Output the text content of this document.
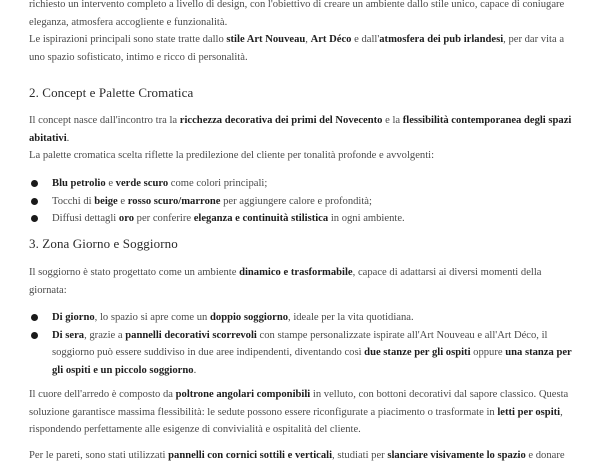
richiesto un intervento completo a livello di design, con l'obiettivo di creare un ambiente dallo stile unico, capace di coniugare
eleganza, atmosfera accogliente e funzionalità.
Le ispirazioni principali sono state tratte dallo stile Art Nouveau, Art Déco e dall'atmosfera dei pub irlandesi, per dar vita a uno spazio sofisticato, intimo e ricco di personalità.

2. Concept e Palette Cromatica

Il concept nasce dall'incontro tra la ricchezza decorativa dei primi del Novecento e la flessibilità contemporanea degli spazi abitativi.
La palette cromatica scelta riflette la predilezione del cliente per tonalità profonde e avvolgenti:

Blu petrolio e verde scuro come colori principali;
Tocchi di beige e rosso scuro/marrone per aggiungere calore e profondità;
Diffusi dettagli oro per conferire eleganza e continuità stilistica in ogni ambiente.
3. Zona Giorno e Soggiorno

Il soggiorno è stato progettato come un ambiente dinamico e trasformabile, capace di adattarsi ai diversi momenti della giornata:

Di giorno, lo spazio si apre come un doppio soggiorno, ideale per la vita quotidiana.
Di sera, grazie a pannelli decorativi scorrevoli con stampe personalizzate ispirate all'Art Nouveau e all'Art Déco, il soggiorno può essere suddiviso in due aree indipendenti, diventando così due stanze per gli ospiti oppure una stanza per gli ospiti e un piccolo soggiorno.

Il cuore dell'arredo è composto da poltrone angolari componibili in velluto, con bottoni decorativi dal sapore classico. Questa soluzione garantisce massima flessibilità: le sedute possono essere riconfigurate a piacimento o trasformate in letti per ospiti, rispondendo perfettamente alle esigenze di convivialità e ospitalità del cliente.

Per le pareti, sono stati utilizzati pannelli con cornici sottili e verticali, studiati per slanciare visivamente lo spazio e donare
